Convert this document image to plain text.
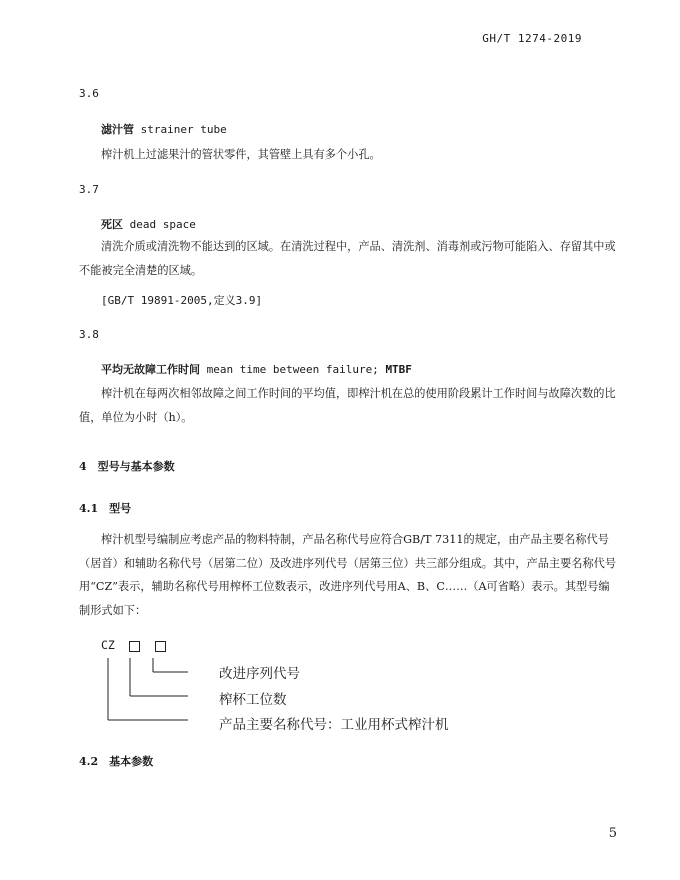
GH/T 1274-2019
3.6
滤汁管 strainer tube
榨汁机上过滤果汁的管状零件，其管壁上具有多个小孔。
3.7
死区 dead space
清洗介质或清洗物不能达到的区域。在清洗过程中，产品、清洗剂、消毒剂或污物可能陷入、存留其中或不能被完全清楚的区域。
[GB/T 19891-2005,定义3.9]
3.8
平均无故障工作时间 mean time between failure; MTBF
榨汁机在每两次相邻故障之间工作时间的平均值，即榨汁机在总的使用阶段累计工作时间与故障次数的比值，单位为小时（h）。
4　型号与基本参数
4.1　型号
榨汁机型号编制应考虑产品的物料特制，产品名称代号应符合GB/T 7311的规定，由产品主要名称代号（居首）和辅助名称代号（居第二位）及改进序列代号（居第三位）共三部分组成。其中，产品主要名称代号用“CZ”表示，辅助名称代号用榨杯工位数表示，改进序列代号用A、B、C……（A可省略）表示。其型号编制形式如下：
CZ
改进序列代号
榨杯工位数
产品主要名称代号：工业用杯式榨汁机
4.2　基本参数
5
